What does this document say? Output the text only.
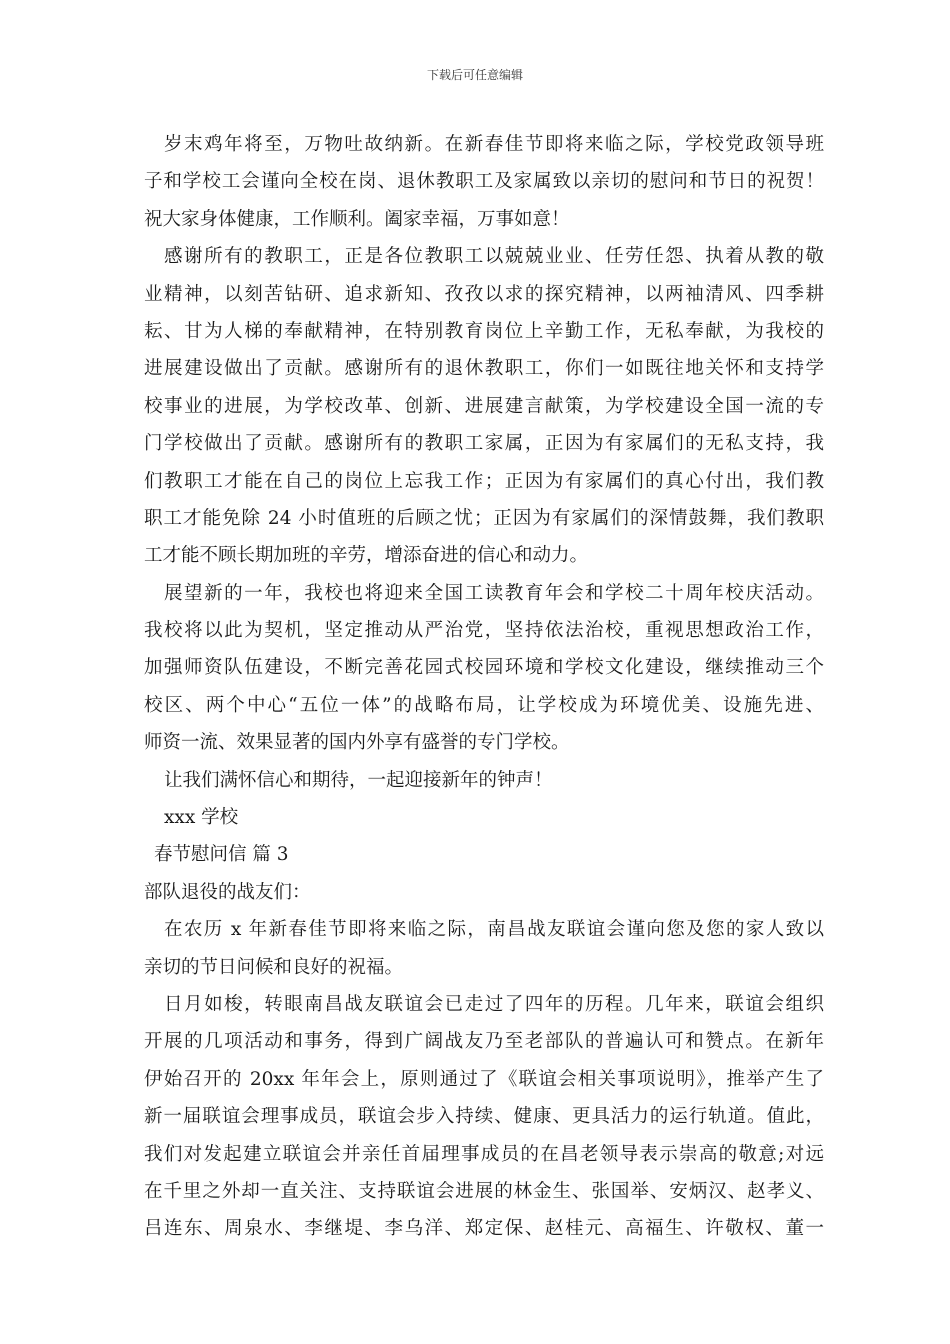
下载后可任意编辑
岁末鸡年将至，万物吐故纳新。在新春佳节即将来临之际，学校党政领导班
子和学校工会谨向全校在岗、退休教职工及家属致以亲切的慰问和节日的祝贺！
祝大家身体健康，工作顺利。阖家幸福，万事如意！
感谢所有的教职工，正是各位教职工以兢兢业业、任劳任怨、执着从教的敬
业精神，以刻苦钻研、追求新知、孜孜以求的探究精神，以两袖清风、四季耕
耘、甘为人梯的奉献精神，在特别教育岗位上辛勤工作，无私奉献，为我校的
进展建设做出了贡献。感谢所有的退休教职工，你们一如既往地关怀和支持学
校事业的进展，为学校改革、创新、进展建言献策，为学校建设全国一流的专
门学校做出了贡献。感谢所有的教职工家属，正因为有家属们的无私支持，我
们教职工才能在自己的岗位上忘我工作；正因为有家属们的真心付出，我们教
职工才能免除 24 小时值班的后顾之忧；正因为有家属们的深情鼓舞，我们教职
工才能不顾长期加班的辛劳，增添奋进的信心和动力。
展望新的一年，我校也将迎来全国工读教育年会和学校二十周年校庆活动。
我校将以此为契机，坚定推动从严治党，坚持依法治校，重视思想政治工作，
加强师资队伍建设，不断完善花园式校园环境和学校文化建设，继续推动三个
校区、两个中心“五位一体”的战略布局，让学校成为环境优美、设施先进、
师资一流、效果显著的国内外享有盛誉的专门学校。
让我们满怀信心和期待，一起迎接新年的钟声！
xxx 学校
春节慰问信 篇 3
部队退役的战友们：
在农历 x 年新春佳节即将来临之际，南昌战友联谊会谨向您及您的家人致以
亲切的节日问候和良好的祝福。
日月如梭，转眼南昌战友联谊会已走过了四年的历程。几年来，联谊会组织
开展的几项活动和事务，得到广阔战友乃至老部队的普遍认可和赞点。在新年
伊始召开的 20xx 年年会上，原则通过了《联谊会相关事项说明》，推举产生了
新一届联谊会理事成员，联谊会步入持续、健康、更具活力的运行轨道。值此，
我们对发起建立联谊会并亲任首届理事成员的在昌老领导表示崇高的敬意;对远
在千里之外却一直关注、支持联谊会进展的林金生、张国举、安炳汉、赵孝义、
吕连东、周泉水、李继堤、李乌洋、郑定保、赵桂元、高福生、许敬权、董一
